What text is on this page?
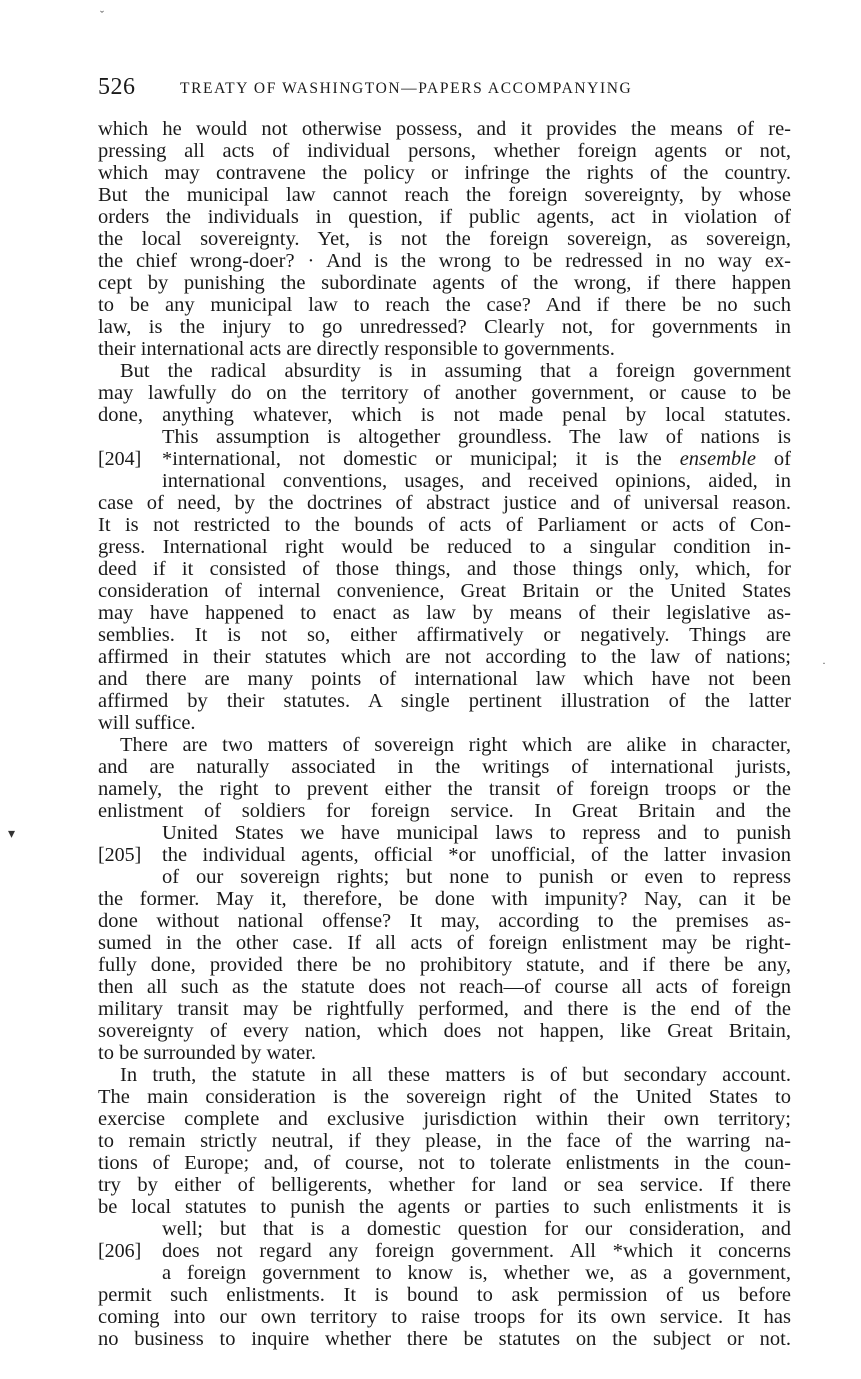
526	TREATY OF WASHINGTON—PAPERS ACCOMPANYING
which he would not otherwise possess, and it provides the means of re-
pressing all acts of individual persons, whether foreign agents or not,
which may contravene the policy or infringe the rights of the country.
But the municipal law cannot reach the foreign sovereignty, by whose
orders the individuals in question, if public agents, act in violation of
the local sovereignty. Yet, is not the foreign sovereign, as sovereign,
the chief wrong-doer? · And is the wrong to be redressed in no way ex-
cept by punishing the subordinate agents of the wrong, if there happen
to be any municipal law to reach the case? And if there be no such
law, is the injury to go unredressed? Clearly not, for governments in
their international acts are directly responsible to governments.
But the radical absurdity is in assuming that a foreign government
may lawfully do on the territory of another government, or cause to be
done, anything whatever, which is not made penal by local statutes.
This assumption is altogether groundless. The law of nations is
[204] *international, not domestic or municipal; it is the ensemble of
international conventions, usages, and received opinions, aided, in
case of need, by the doctrines of abstract justice and of universal reason.
It is not restricted to the bounds of acts of Parliament or acts of Con-
gress. International right would be reduced to a singular condition in-
deed if it consisted of those things, and those things only, which, for
consideration of internal convenience, Great Britain or the United States
may have happened to enact as law by means of their legislative as-
semblies. It is not so, either affirmatively or negatively. Things are
affirmed in their statutes which are not according to the law of nations;
and there are many points of international law which have not been
affirmed by their statutes. A single pertinent illustration of the latter
will suffice.
There are two matters of sovereign right which are alike in character,
and are naturally associated in the writings of international jurists,
namely, the right to prevent either the transit of foreign troops or the
enlistment of soldiers for foreign service. In Great Britain and the
United States we have municipal laws to repress and to punish
[205] the individual agents, official *or unofficial, of the latter invasion
of our sovereign rights; but none to punish or even to repress
the former. May it, therefore, be done with impunity? Nay, can it be
done without national offense? It may, according to the premises as-
sumed in the other case. If all acts of foreign enlistment may be right-
fully done, provided there be no prohibitory statute, and if there be any,
then all such as the statute does not reach—of course all acts of foreign
military transit may be rightfully performed, and there is the end of the
sovereignty of every nation, which does not happen, like Great Britain,
to be surrounded by water.
In truth, the statute in all these matters is of but secondary account.
The main consideration is the sovereign right of the United States to
exercise complete and exclusive jurisdiction within their own territory;
to remain strictly neutral, if they please, in the face of the warring na-
tions of Europe; and, of course, not to tolerate enlistments in the coun-
try by either of belligerents, whether for land or sea service. If there
be local statutes to punish the agents or parties to such enlistments it is
well; but that is a domestic question for our consideration, and
[206] does not regard any foreign government. All *which it concerns
a foreign government to know is, whether we, as a government,
permit such enlistments. It is bound to ask permission of us before
coming into our own territory to raise troops for its own service. It has
no business to inquire whether there be statutes on the subject or not.
ˇ
▾
·
